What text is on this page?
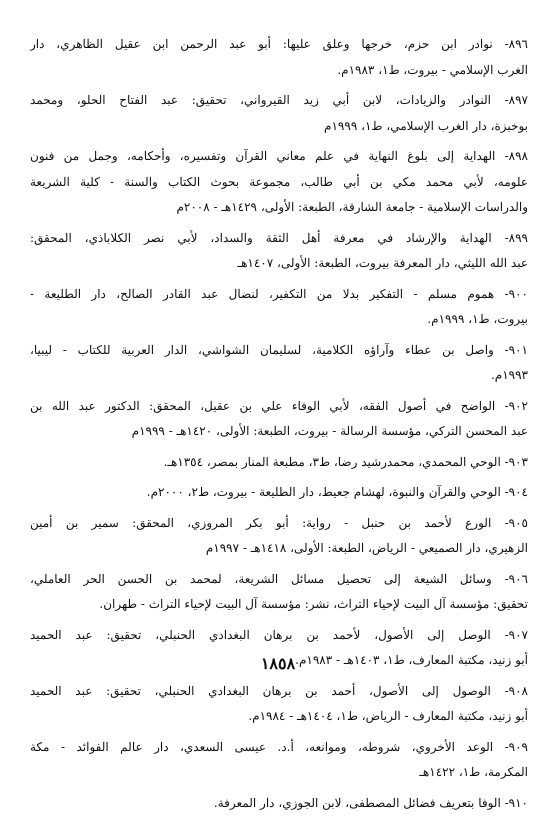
٨٩٦- نوادر ابن حزم، خرجها وعلق عليها: أبو عبد الرحمن ابن عقيل الظاهري، دار
الغرب الإسلامي - بيروت، ط١، ١٩٨٣م.
٨٩٧- النوادر والزيادات، لابن أبي زيد القيرواني، تحقيق: عبد الفتاح الحلو، ومحمد
بوخبزة، دار الغرب الإسلامي، ط١، ١٩٩٩م
٨٩٨- الهداية إلى بلوغ النهاية في علم معاني القرآن وتفسيره، وأحكامه، وجمل من فنون
علومه، لأبي محمد مكي بن أبي طالب، مجموعة بحوث الكتاب والسنة - كلية الشريعة
والدراسات الإسلامية - جامعة الشارقة، الطبعة: الأولى، ١٤٢٩هـ - ٢٠٠٨م
٨٩٩- الهداية والإرشاد في معرفة أهل الثقة والسداد، لأبي نصر الكلاباذي، المحقق:
عبد الله الليثي، دار المعرفة بيروت، الطبعة: الأولى، ١٤٠٧هـ
٩٠٠- هموم مسلم - التفكير بدلا من التكفير، لنضال عبد القادر الصالح، دار الطليعة -
بيروت، ط١، ١٩٩٩م.
٩٠١- واصل بن عطاء وآراؤه الكلامية، لسليمان الشواشي، الدار العربية للكتاب - ليبيا،
١٩٩٣م.
٩٠٢- الواضح في أصول الفقه، لأبي الوفاء علي بن عقيل، المحقق: الدكتور عبد الله بن
عبد المحسن التركي، مؤسسة الرسالة - بيروت، الطبعة: الأولى، ١٤٢٠هـ - ١٩٩٩م
٩٠٣- الوحي المحمدي، محمدرشيد رضا، ط٣، مطبعة المنار بمصر، ١٣٥٤هـ.
٩٠٤- الوحي والقرآن والنبوة، لهشام جعيط، دار الطليعة - بيروت، ط٢، ٢٠٠٠م.
٩٠٥- الورع لأحمد بن حنبل - رواية: أبو بكر المروزي، المحقق: سمير بن أمين
الزهيري، دار الصميعي - الرياض، الطبعة: الأولى، ١٤١٨هـ - ١٩٩٧م
٩٠٦- وسائل الشيعة إلى تحصيل مسائل الشريعة، لمحمد بن الحسن الحر العاملي،
تحقيق: مؤسسة آل البيت لإحياء التراث، نشر: مؤسسة آل البيت لإحياء التراث - طهران.
٩٠٧- الوصل إلى الأصول، لأحمد بن برهان البغدادي الحنبلي، تحقيق: عبد الحميد
أبو زنيد، مكتبة المعارف، ط١، ١٤٠٣هـ - ١٩٨٣م.
٩٠٨- الوصول إلى الأصول، أحمد بن برهان البغدادي الحنبلي، تحقيق: عبد الحميد
أبو زنيد، مكتبة المعارف - الرياض، ط١، ١٤٠٤هـ - ١٩٨٤م.
٩٠٩- الوعد الأخروي، شروطه، وموانعه، أ.د. عيسى السعدي، دار عالم الفوائد - مكة
المكرمة، ط١، ١٤٢٢هـ
٩١٠- الوفا بتعريف فضائل المصطفى، لابن الجوزي، دار المعرفة.
١٨٥٨
